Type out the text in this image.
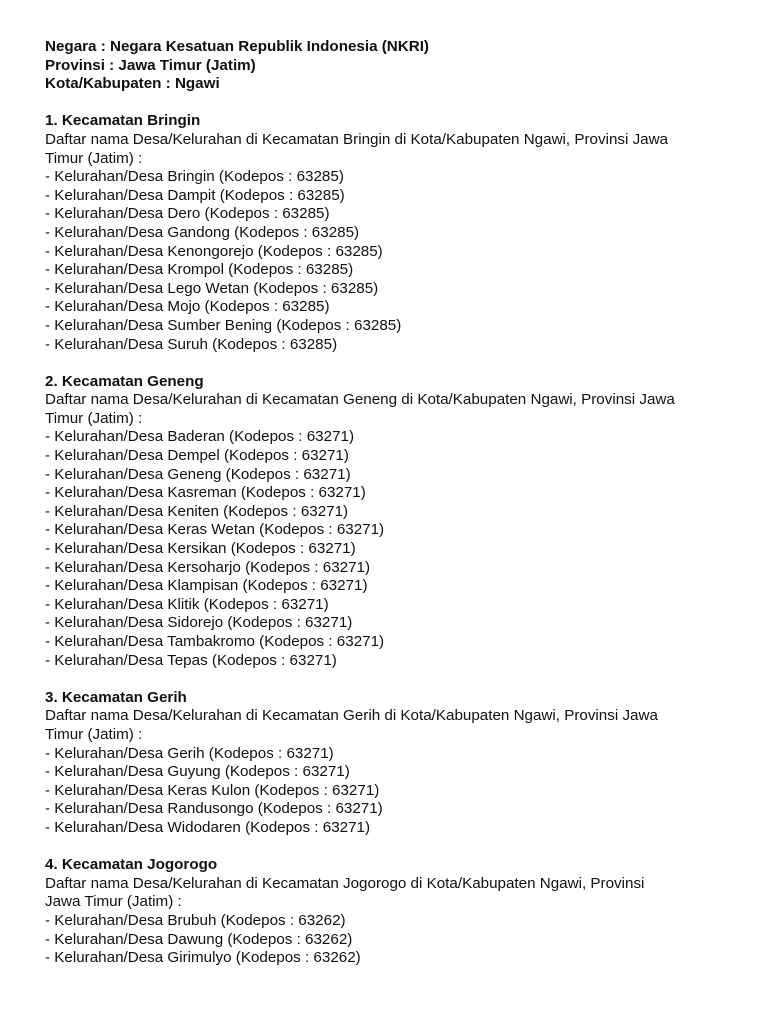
Negara : Negara Kesatuan Republik Indonesia (NKRI)
Provinsi : Jawa Timur (Jatim)
Kota/Kabupaten : Ngawi
1. Kecamatan Bringin
Daftar nama Desa/Kelurahan di Kecamatan Bringin di Kota/Kabupaten Ngawi, Provinsi Jawa
Timur (Jatim) :
- Kelurahan/Desa Bringin (Kodepos : 63285)
- Kelurahan/Desa Dampit (Kodepos : 63285)
- Kelurahan/Desa Dero (Kodepos : 63285)
- Kelurahan/Desa Gandong (Kodepos : 63285)
- Kelurahan/Desa Kenongorejo (Kodepos : 63285)
- Kelurahan/Desa Krompol (Kodepos : 63285)
- Kelurahan/Desa Lego Wetan (Kodepos : 63285)
- Kelurahan/Desa Mojo (Kodepos : 63285)
- Kelurahan/Desa Sumber Bening (Kodepos : 63285)
- Kelurahan/Desa Suruh (Kodepos : 63285)
2. Kecamatan Geneng
Daftar nama Desa/Kelurahan di Kecamatan Geneng di Kota/Kabupaten Ngawi, Provinsi Jawa
Timur (Jatim) :
- Kelurahan/Desa Baderan (Kodepos : 63271)
- Kelurahan/Desa Dempel (Kodepos : 63271)
- Kelurahan/Desa Geneng (Kodepos : 63271)
- Kelurahan/Desa Kasreman (Kodepos : 63271)
- Kelurahan/Desa Keniten (Kodepos : 63271)
- Kelurahan/Desa Keras Wetan (Kodepos : 63271)
- Kelurahan/Desa Kersikan (Kodepos : 63271)
- Kelurahan/Desa Kersoharjo (Kodepos : 63271)
- Kelurahan/Desa Klampisan (Kodepos : 63271)
- Kelurahan/Desa Klitik (Kodepos : 63271)
- Kelurahan/Desa Sidorejo (Kodepos : 63271)
- Kelurahan/Desa Tambakromo (Kodepos : 63271)
- Kelurahan/Desa Tepas (Kodepos : 63271)
3. Kecamatan Gerih
Daftar nama Desa/Kelurahan di Kecamatan Gerih di Kota/Kabupaten Ngawi, Provinsi Jawa
Timur (Jatim) :
- Kelurahan/Desa Gerih (Kodepos : 63271)
- Kelurahan/Desa Guyung (Kodepos : 63271)
- Kelurahan/Desa Keras Kulon (Kodepos : 63271)
- Kelurahan/Desa Randusongo (Kodepos : 63271)
- Kelurahan/Desa Widodaren (Kodepos : 63271)
4. Kecamatan Jogorogo
Daftar nama Desa/Kelurahan di Kecamatan Jogorogo di Kota/Kabupaten Ngawi, Provinsi
Jawa Timur (Jatim) :
- Kelurahan/Desa Brubuh (Kodepos : 63262)
- Kelurahan/Desa Dawung (Kodepos : 63262)
- Kelurahan/Desa Girimulyo (Kodepos : 63262)
